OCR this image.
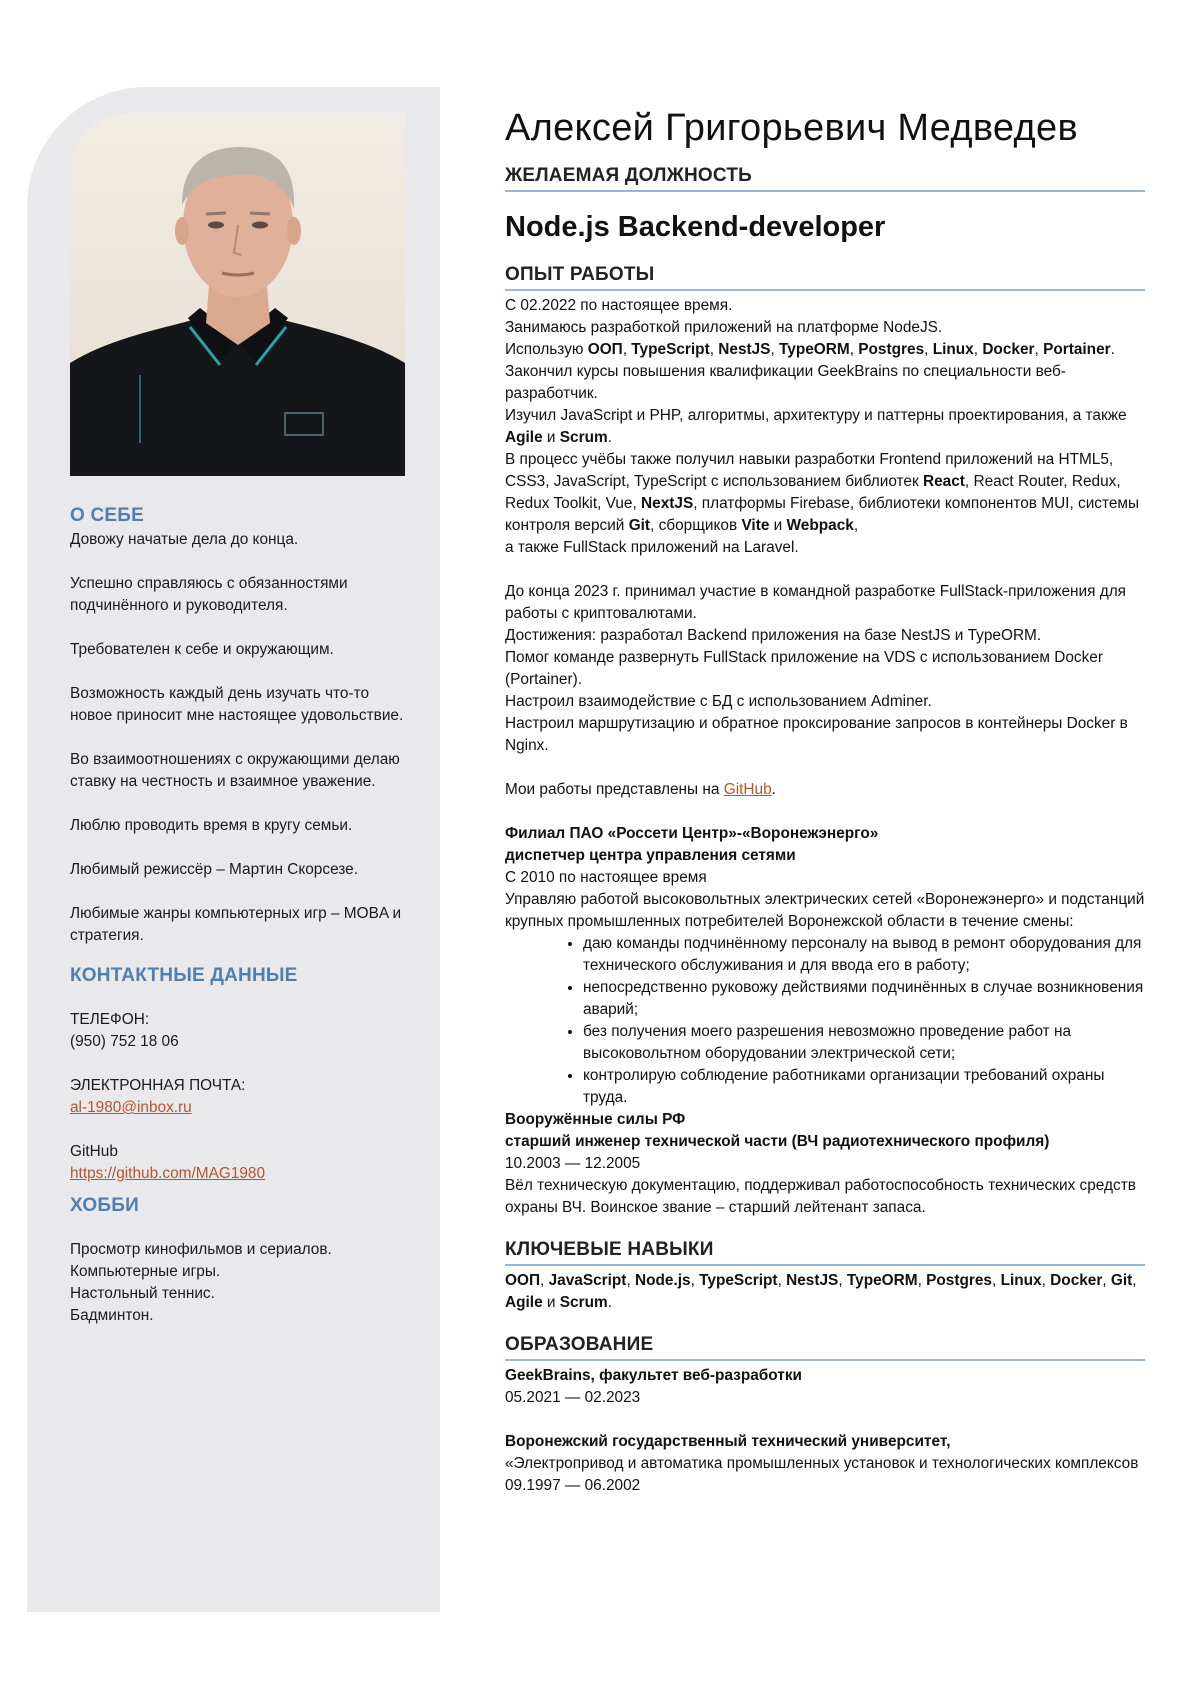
О СЕБЕ

Довожу начатые дела до конца.

Успешно справляюсь с обязанностями подчинённого и руководителя.

Требователен к себе и окружающим.

Возможность каждый день изучать что-то новое приносит мне настоящее удовольствие.

Во взаимоотношениях с окружающими делаю ставку на честность и взаимное уважение.

Люблю проводить время в кругу семьи.

Любимый режиссёр – Мартин Скорсезе.

Любимые жанры компьютерных игр – MOBA и стратегия.

КОНТАКТНЫЕ ДАННЫЕ
ТЕЛЕФОН:

(950) 752 18 06

ЭЛЕКТРОННАЯ ПОЧТА:

al-1980@inbox.ru

GitHub

https://github.com/MAG1980

ХОББИ
Просмотр кинофильмов и сериалов.
Компьютерные игры.
Настольный теннис.
Бадминтон.
Алексей Григорьевич Медведев
ЖЕЛАЕМАЯ ДОЛЖНОСТЬ
Node.js Backend-developer
ОПЫТ РАБОТЫ

С 02.2022 по настоящее время.

Занимаюсь разработкой приложений на платформе NodeJS.

Использую ООП, TypeScript, NestJS, TypeORM, Postgres, Linux, Docker, Portainer.

Закончил курсы повышения квалификации GeekBrains по специальности веб-разработчик.

Изучил JavaScript и PHP, алгоритмы, архитектуру и паттерны проектирования, а также Agile и Scrum.

В процесс учёбы также получил навыки разработки Frontend приложений на HTML5, CSS3, JavaScript, TypeScript с использованием библиотек React, React Router, Redux, Redux Toolkit, Vue, NextJS, платформы Firebase, библиотеки компонентов MUI, системы контроля версий Git, сборщиков Vite и Webpack,

а также FullStack приложений на Laravel.

До конца 2023 г. принимал участие в командной разработке FullStack-приложения для работы с криптовалютами.

Достижения: разработал Backend приложения на базе NestJS и TypeORM.

Помог команде развернуть FullStack приложение на VDS с использованием Docker (Portainer).

Настроил взаимодействие с БД с использованием Adminer.

Настроил маршрутизацию и обратное проксирование запросов в контейнеры Docker в Nginx.

Мои работы представлены на GitHub.

Филиал ПАО «Россети Центр»-«Воронежэнерго»

диспетчер центра управления сетями

С 2010 по настоящее время

Управляю работой высоковольтных электрических сетей «Воронежэнерго» и подстанций крупных промышленных потребителей Воронежской области в течение смены:

• даю команды подчинённому персоналу на вывод в ремонт оборудования для технического обслуживания и для ввода его в работу;
• непосредственно руковожу действиями подчинённых в случае возникновения аварий;
• без получения моего разрешения невозможно проведение работ на высоковольтном оборудовании электрической сети;
• контролирую соблюдение работниками организации требований охраны труда.

Вооружённые силы РФ

старший инженер технической части (ВЧ радиотехнического профиля)

10.2003 — 12.2005

Вёл техническую документацию, поддерживал работоспособность технических средств охраны ВЧ. Воинское звание – старший лейтенант запаса.

КЛЮЧЕВЫЕ НАВЫКИ

ООП, JavaScript, Node.js, TypeScript, NestJS, TypeORM, Postgres, Linux, Docker, Git, Agile и Scrum.

ОБРАЗОВАНИЕ

GeekBrains, факультет веб-разработки

05.2021 — 02.2023

Воронежский государственный технический университет,

«Электропривод и автоматика промышленных установок и технологических комплексов

09.1997 — 06.2002
